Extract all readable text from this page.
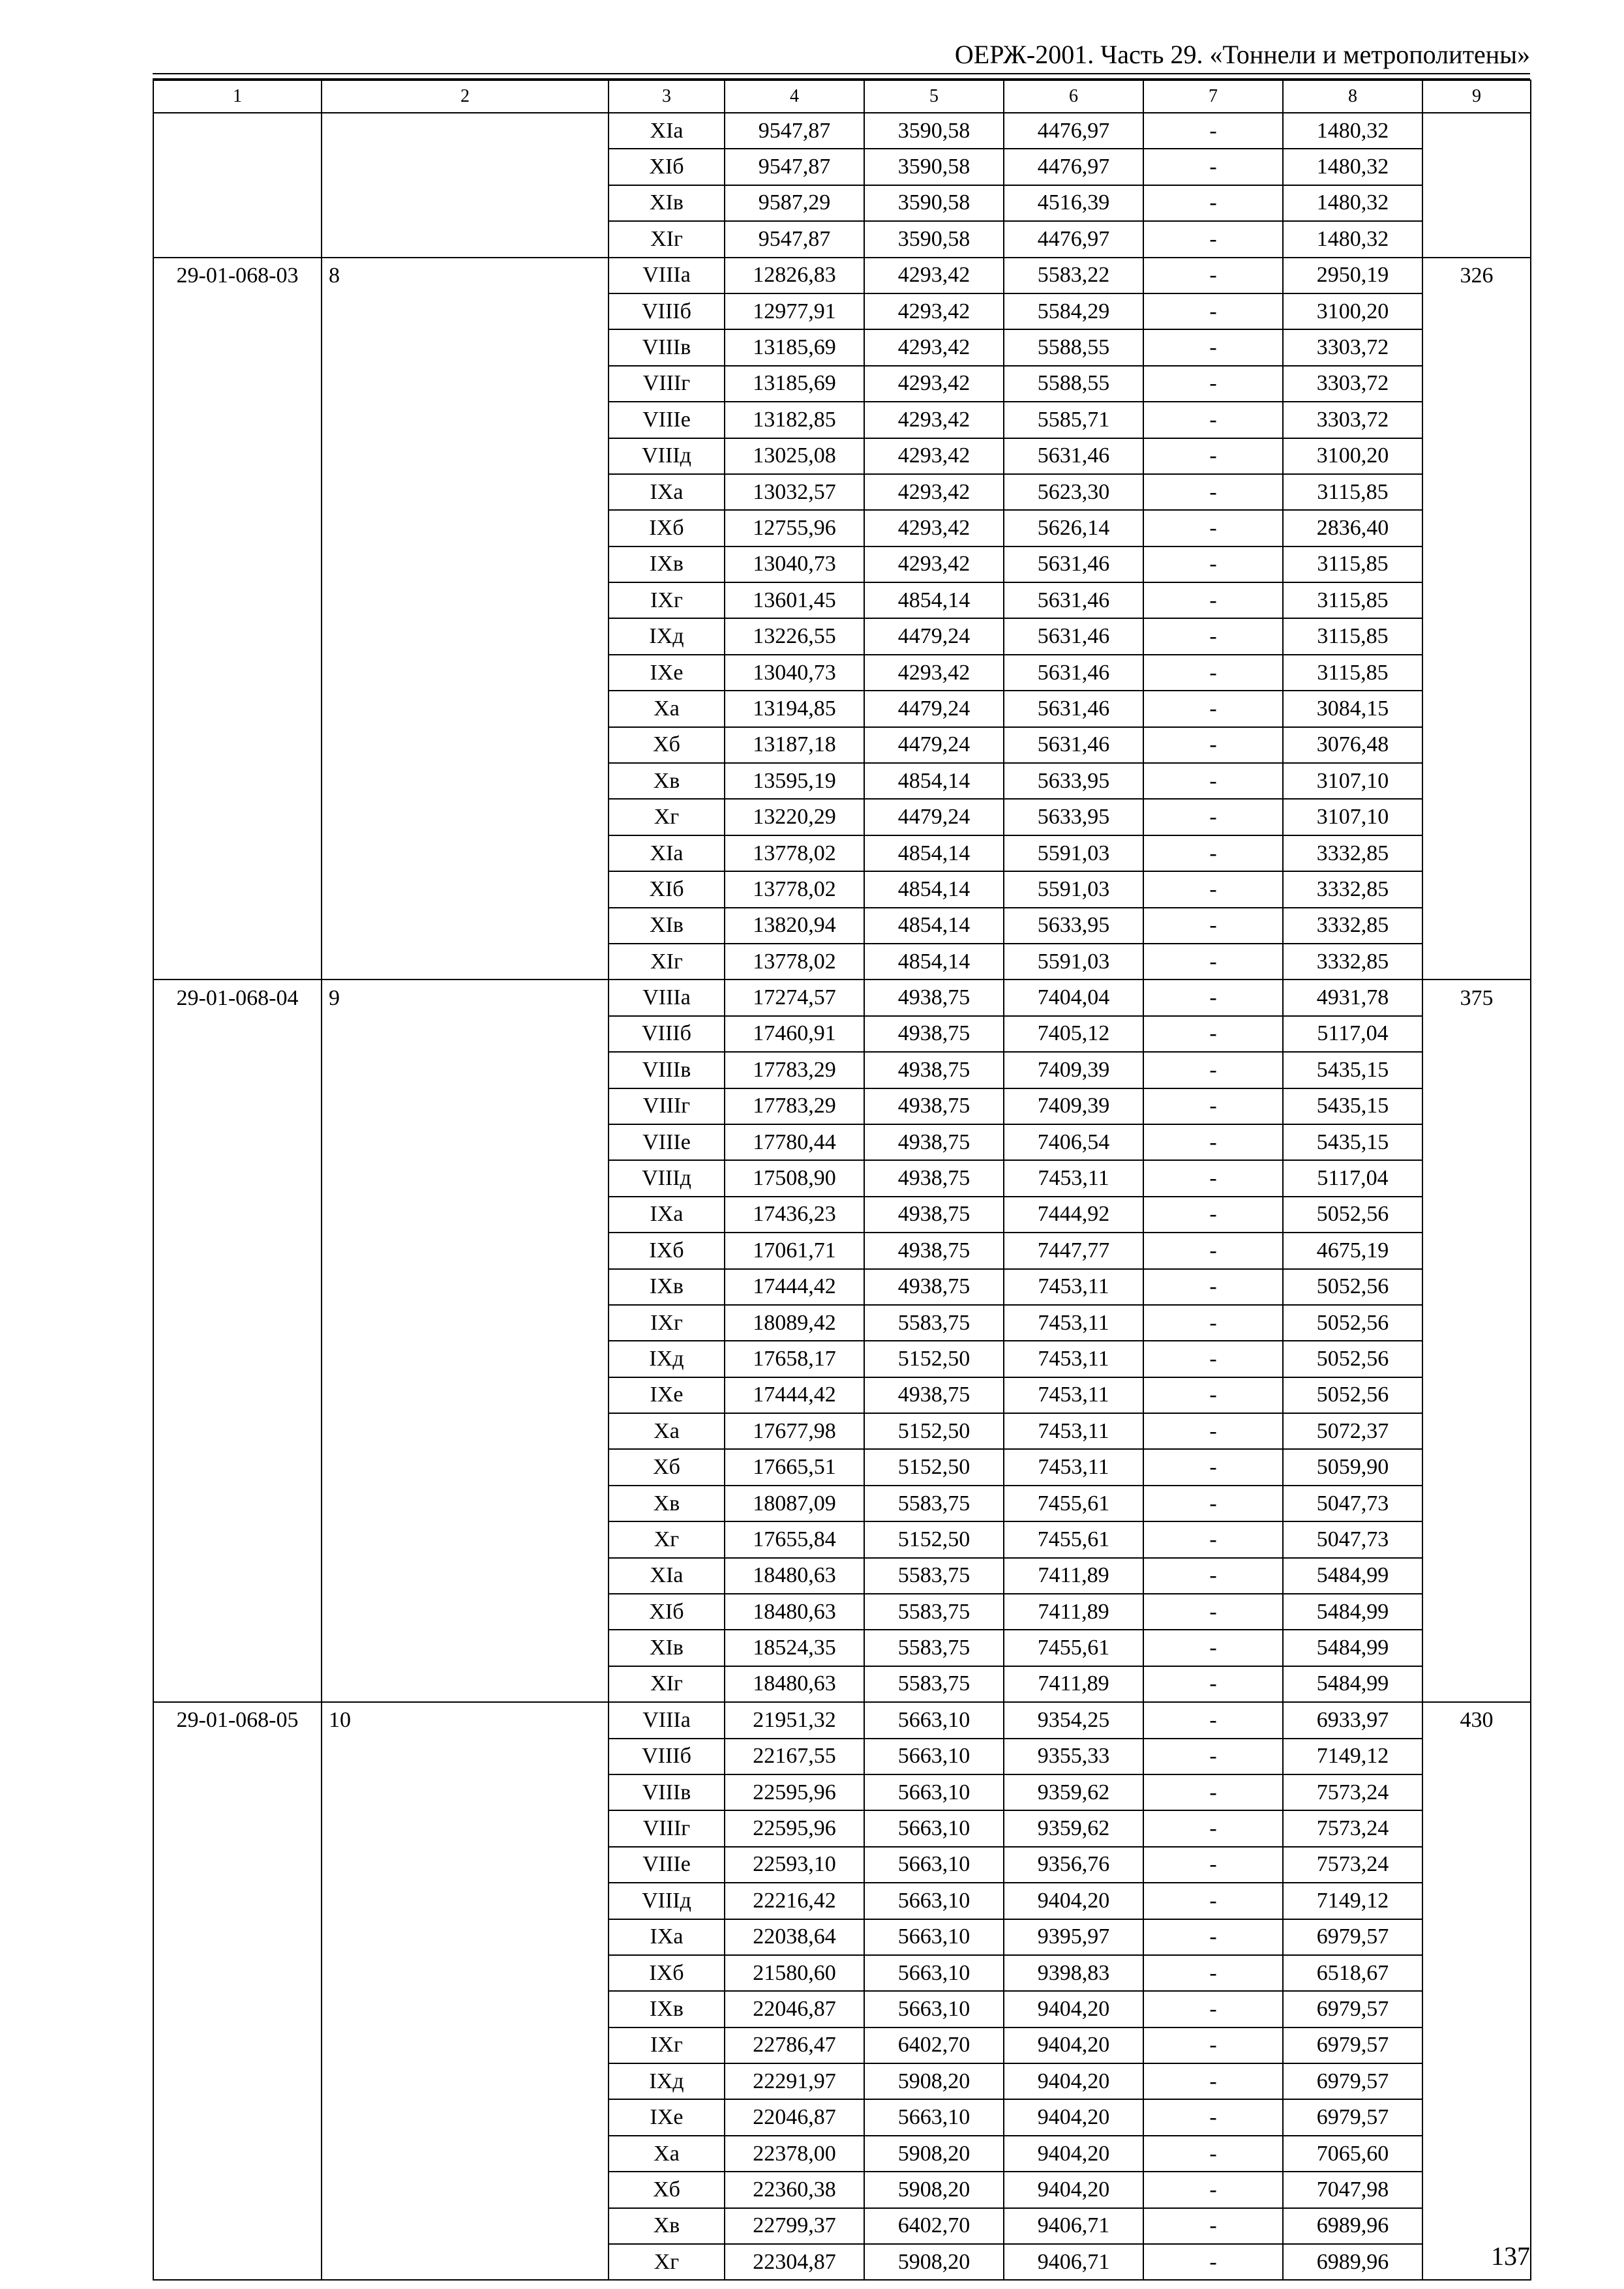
ОЕРЖ-2001. Часть 29. «Тоннели и метрополитены»
1	2	3	4	5	6	7	8	9
		XIа	9547,87	3590,58	4476,97	-	1480,32	
		XIб	9547,87	3590,58	4476,97	-	1480,32	
		XIв	9587,29	3590,58	4516,39	-	1480,32	
		XIг	9547,87	3590,58	4476,97	-	1480,32	
29-01-068-03	8	VIIIа	12826,83	4293,42	5583,22	-	2950,19	326
		VIIIб	12977,91	4293,42	5584,29	-	3100,20	
		VIIIв	13185,69	4293,42	5588,55	-	3303,72	
		VIIIг	13185,69	4293,42	5588,55	-	3303,72	
		VIIIе	13182,85	4293,42	5585,71	-	3303,72	
		VIIIд	13025,08	4293,42	5631,46	-	3100,20	
		IXа	13032,57	4293,42	5623,30	-	3115,85	
		IXб	12755,96	4293,42	5626,14	-	2836,40	
		IXв	13040,73	4293,42	5631,46	-	3115,85	
		IXг	13601,45	4854,14	5631,46	-	3115,85	
		IXд	13226,55	4479,24	5631,46	-	3115,85	
		IXе	13040,73	4293,42	5631,46	-	3115,85	
		Xа	13194,85	4479,24	5631,46	-	3084,15	
		Xб	13187,18	4479,24	5631,46	-	3076,48	
		Xв	13595,19	4854,14	5633,95	-	3107,10	
		Xг	13220,29	4479,24	5633,95	-	3107,10	
		XIа	13778,02	4854,14	5591,03	-	3332,85	
		XIб	13778,02	4854,14	5591,03	-	3332,85	
		XIв	13820,94	4854,14	5633,95	-	3332,85	
		XIг	13778,02	4854,14	5591,03	-	3332,85	
29-01-068-04	9	VIIIа	17274,57	4938,75	7404,04	-	4931,78	375
		VIIIб	17460,91	4938,75	7405,12	-	5117,04	
		VIIIв	17783,29	4938,75	7409,39	-	5435,15	
		VIIIг	17783,29	4938,75	7409,39	-	5435,15	
		VIIIе	17780,44	4938,75	7406,54	-	5435,15	
		VIIIд	17508,90	4938,75	7453,11	-	5117,04	
		IXа	17436,23	4938,75	7444,92	-	5052,56	
		IXб	17061,71	4938,75	7447,77	-	4675,19	
		IXв	17444,42	4938,75	7453,11	-	5052,56	
		IXг	18089,42	5583,75	7453,11	-	5052,56	
		IXд	17658,17	5152,50	7453,11	-	5052,56	
		IXе	17444,42	4938,75	7453,11	-	5052,56	
		Xа	17677,98	5152,50	7453,11	-	5072,37	
		Xб	17665,51	5152,50	7453,11	-	5059,90	
		Xв	18087,09	5583,75	7455,61	-	5047,73	
		Xг	17655,84	5152,50	7455,61	-	5047,73	
		XIа	18480,63	5583,75	7411,89	-	5484,99	
		XIб	18480,63	5583,75	7411,89	-	5484,99	
		XIв	18524,35	5583,75	7455,61	-	5484,99	
		XIг	18480,63	5583,75	7411,89	-	5484,99	
29-01-068-05	10	VIIIа	21951,32	5663,10	9354,25	-	6933,97	430
		VIIIб	22167,55	5663,10	9355,33	-	7149,12	
		VIIIв	22595,96	5663,10	9359,62	-	7573,24	
		VIIIг	22595,96	5663,10	9359,62	-	7573,24	
		VIIIе	22593,10	5663,10	9356,76	-	7573,24	
		VIIIд	22216,42	5663,10	9404,20	-	7149,12	
		IXа	22038,64	5663,10	9395,97	-	6979,57	
		IXб	21580,60	5663,10	9398,83	-	6518,67	
		IXв	22046,87	5663,10	9404,20	-	6979,57	
		IXг	22786,47	6402,70	9404,20	-	6979,57	
		IXд	22291,97	5908,20	9404,20	-	6979,57	
		IXе	22046,87	5663,10	9404,20	-	6979,57	
		Xа	22378,00	5908,20	9404,20	-	7065,60	
		Xб	22360,38	5908,20	9404,20	-	7047,98	
		Xв	22799,37	6402,70	9406,71	-	6989,96	
		Xг	22304,87	5908,20	9406,71	-	6989,96		137
